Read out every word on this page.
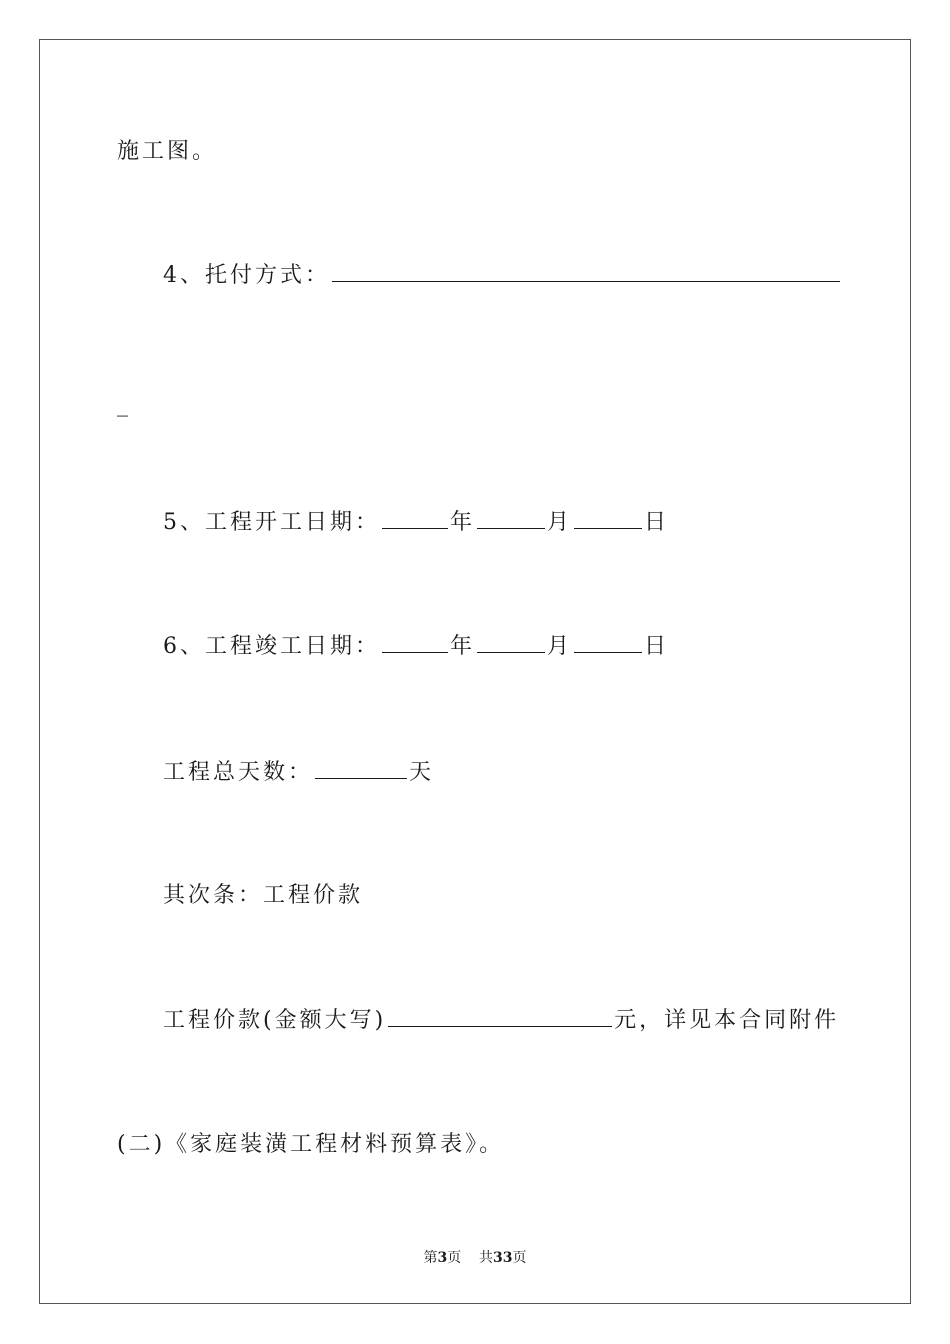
施工图。
4、托付方式：
_
5、工程开工日期：	年	月	日
6、工程竣工日期：	年	月	日
工程总天数：	天
其次条：工程价款
工程价款(金额大写)	元，详见本合同附件
(二)《家庭装潢工程材料预算表》。
第3页 共33页
